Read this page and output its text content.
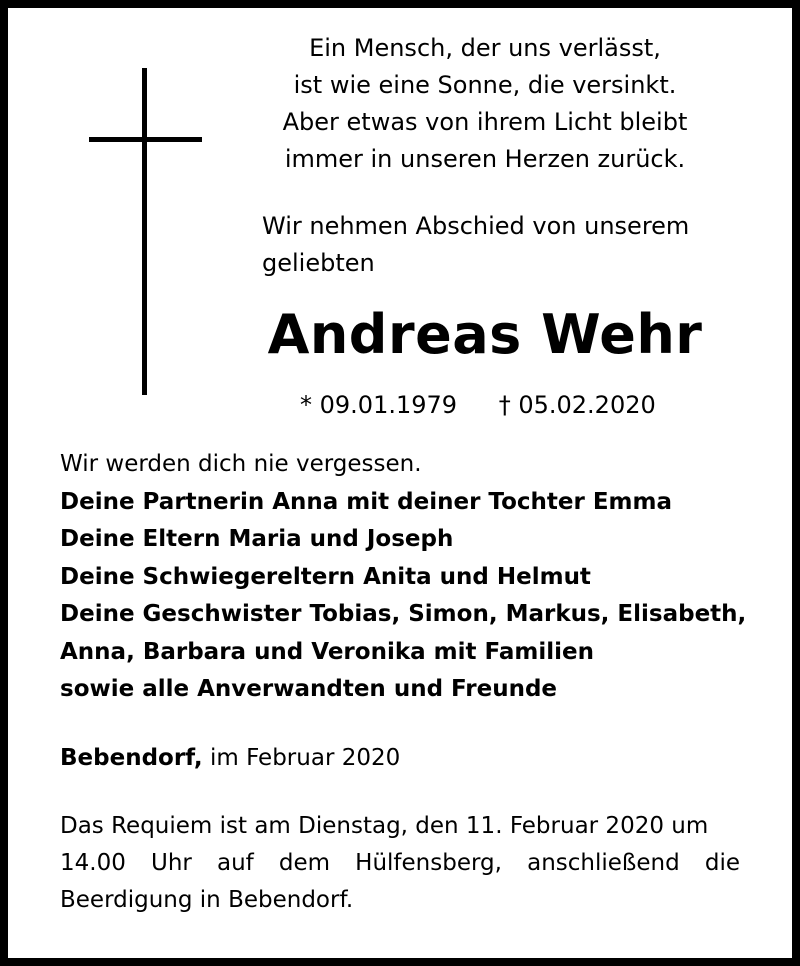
Ein Mensch, der uns verlässt,
ist wie eine Sonne, die versinkt.
Aber etwas von ihrem Licht bleibt
immer in unseren Herzen zurück.
Wir nehmen Abschied von unserem
geliebten
Andreas Wehr
* 09.01.1979 † 05.02.2020
Wir werden dich nie vergessen.
Deine Partnerin Anna mit deiner Tochter Emma
Deine Eltern Maria und Joseph
Deine Schwiegereltern Anita und Helmut
Deine Geschwister Tobias, Simon, Markus, Elisabeth,
Anna, Barbara und Veronika mit Familien
sowie alle Anverwandten und Freunde
Bebendorf, im Februar 2020
Das Requiem ist am Dienstag, den 11. Februar 2020 um
14.00 Uhr auf dem Hülfensberg, anschließend die
Beerdigung in Bebendorf.
